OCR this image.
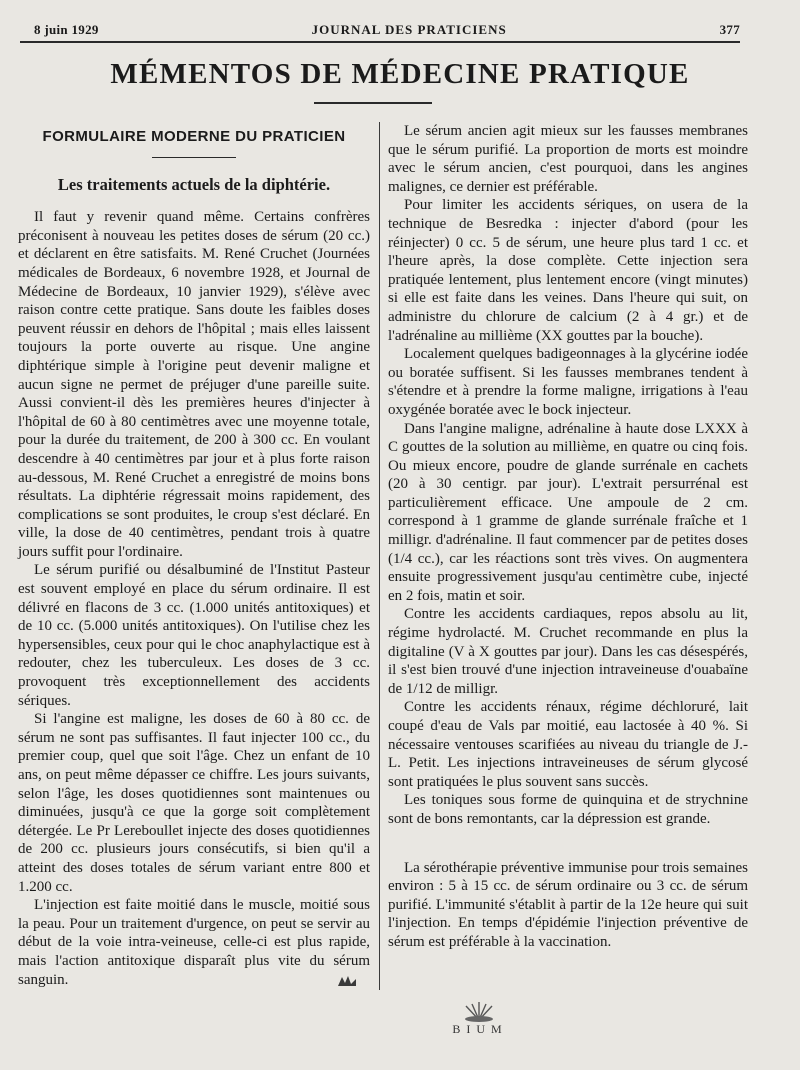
8 juin 1929	JOURNAL DES PRATICIENS	377
MÉMENTOS DE MÉDECINE PRATIQUE
FORMULAIRE MODERNE DU PRATICIEN
Les traitements actuels de la diphtérie.

Il faut y revenir quand même. Certains confrères préconisent à nouveau les petites doses de sérum (20 cc.) et déclarent en être satisfaits. M. René Cruchet (Journées médicales de Bordeaux, 6 novembre 1928, et Journal de Médecine de Bordeaux, 10 janvier 1929), s'élève avec raison contre cette pratique. Sans doute les faibles doses peuvent réussir en dehors de l'hôpital ; mais elles laissent toujours la porte ouverte au risque. Une angine diphtérique simple à l'origine peut devenir maligne et aucun signe ne permet de préjuger d'une pareille suite. Aussi convient-il dès les premières heures d'injecter à l'hôpital de 60 à 80 centimètres avec une moyenne totale, pour la durée du traitement, de 200 à 300 cc. En voulant descendre à 40 centimètres par jour et à plus forte raison au-dessous, M. René Cruchet a enregistré de moins bons résultats. La diphtérie régressait moins rapidement, des complications se sont produites, le croup s'est déclaré. En ville, la dose de 40 centimètres, pendant trois à quatre jours suffit pour l'ordinaire.

Le sérum purifié ou désalbuminé de l'Institut Pasteur est souvent employé en place du sérum ordinaire. Il est délivré en flacons de 3 cc. (1.000 unités antitoxiques) et de 10 cc. (5.000 unités antitoxiques). On l'utilise chez les hypersensibles, ceux pour qui le choc anaphylactique est à redouter, chez les tuberculeux. Les doses de 3 cc. provoquent très exceptionnellement des accidents sériques.

Si l'angine est maligne, les doses de 60 à 80 cc. de sérum ne sont pas suffisantes. Il faut injecter 100 cc., du premier coup, quel que soit l'âge. Chez un enfant de 10 ans, on peut même dépasser ce chiffre. Les jours suivants, selon l'âge, les doses quotidiennes sont maintenues ou diminuées, jusqu'à ce que la gorge soit complètement détergée. Le Pr Lereboullet injecte des doses quotidiennes de 200 cc. plusieurs jours consécutifs, si bien qu'il a atteint des doses totales de sérum variant entre 800 et 1.200 cc.

L'injection est faite moitié dans le muscle, moitié sous la peau. Pour un traitement d'urgence, on peut se servir au début de la voie intra-veineuse, celle-ci est plus rapide, mais l'action antitoxique disparaît plus vite du sérum sanguin.

Le sérum ancien agit mieux sur les fausses membranes que le sérum purifié. La proportion de morts est moindre avec le sérum ancien, c'est pourquoi, dans les angines malignes, ce dernier est préférable.

Pour limiter les accidents sériques, on usera de la technique de Besredka : injecter d'abord (pour les réinjecter) 0 cc. 5 de sérum, une heure plus tard 1 cc. et l'heure après, la dose complète. Cette injection sera pratiquée lentement, plus lentement encore (vingt minutes) si elle est faite dans les veines. Dans l'heure qui suit, on administre du chlorure de calcium (2 à 4 gr.) et de l'adrénaline au millième (XX gouttes par la bouche).

Localement quelques badigeonnages à la glycérine iodée ou boratée suffisent. Si les fausses membranes tendent à s'étendre et à prendre la forme maligne, irrigations à l'eau oxygénée boratée avec le bock injecteur.

Dans l'angine maligne, adrénaline à haute dose LXXX à C gouttes de la solution au millième, en quatre ou cinq fois. Ou mieux encore, poudre de glande surrénale en cachets (20 à 30 centigr. par jour). L'extrait persurrénal est particulièrement efficace. Une ampoule de 2 cm. correspond à 1 gramme de glande surrénale fraîche et 1 milligr. d'adrénaline. Il faut commencer par de petites doses (1/4 cc.), car les réactions sont très vives. On augmentera ensuite progressivement jusqu'au centimètre cube, injecté en 2 fois, matin et soir.

Contre les accidents cardiaques, repos absolu au lit, régime hydrolacté. M. Cruchet recommande en plus la digitaline (V à X gouttes par jour). Dans les cas désespérés, il s'est bien trouvé d'une injection intraveineuse d'ouabaïne de 1/12 de milligr.

Contre les accidents rénaux, régime déchloruré, lait coupé d'eau de Vals par moitié, eau lactosée à 40 %. Si nécessaire ventouses scarifiées au niveau du triangle de J.-L. Petit. Les injections intraveineuses de sérum glycosé sont pratiquées le plus souvent sans succès.

Les toniques sous forme de quinquina et de strychnine sont de bons remontants, car la dépression est grande.

La sérothérapie préventive immunise pour trois semaines environ : 5 à 15 cc. de sérum ordinaire ou 3 cc. de sérum purifié. L'immunité s'établit à partir de la 12e heure qui suit l'injection. En temps d'épidémie l'injection préventive de sérum est préférable à la vaccination.

BIUM
